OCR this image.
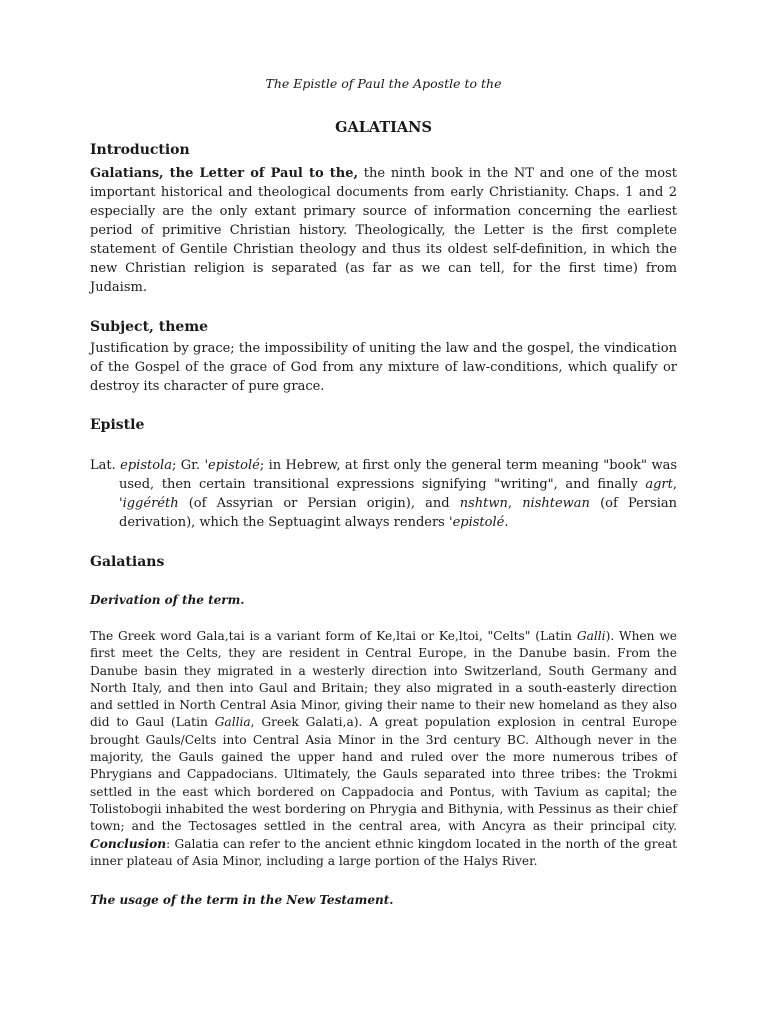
The Epistle of Paul the Apostle to the
GALATIANS
Introduction

Galatians, the Letter of Paul to the, the ninth book in the NT and one of the most important historical and theological documents from early Christianity. Chaps. 1 and 2 especially are the only extant primary source of information concerning the earliest period of primitive Christian history. Theologically, the Letter is the first complete statement of Gentile Christian theology and thus its oldest self-definition, in which the new Christian religion is separated (as far as we can tell, for the first time) from Judaism.

Subject, theme

Justification by grace; the impossibility of uniting the law and the gospel, the vindication of the Gospel of the grace of God from any mixture of law-conditions, which qualify or destroy its character of pure grace.

Epistle

Lat. epistola; Gr. 'epistolé; in Hebrew, at first only the general term meaning "book" was used, then certain transitional expressions signifying "writing", and finally agrt, 'iggéréth (of Assyrian or Persian origin), and nshtwn, nishtewan (of Persian derivation), which the Septuagint always renders 'epistolé.

Galatians
Derivation of the term.

The Greek word Gala,tai is a variant form of Ke,ltai or Ke,ltoi, "Celts" (Latin Galli). When we first meet the Celts, they are resident in Central Europe, in the Danube basin. From the Danube basin they migrated in a westerly direction into Switzerland, South Germany and North Italy, and then into Gaul and Britain; they also migrated in a south-easterly direction and settled in North Central Asia Minor, giving their name to their new homeland as they also did to Gaul (Latin Gallia, Greek Galati,a). A great population explosion in central Europe brought Gauls/Celts into Central Asia Minor in the 3rd century BC. Although never in the majority, the Gauls gained the upper hand and ruled over the more numerous tribes of Phrygians and Cappadocians. Ultimately, the Gauls separated into three tribes: the Trokmi settled in the east which bordered on Cappadocia and Pontus, with Tavium as capital; the Tolistobogii inhabited the west bordering on Phrygia and Bithynia, with Pessinus as their chief town; and the Tectosages settled in the central area, with Ancyra as their principal city. Conclusion: Galatia can refer to the ancient ethnic kingdom located in the north of the great inner plateau of Asia Minor, including a large portion of the Halys River.

The usage of the term in the New Testament.
